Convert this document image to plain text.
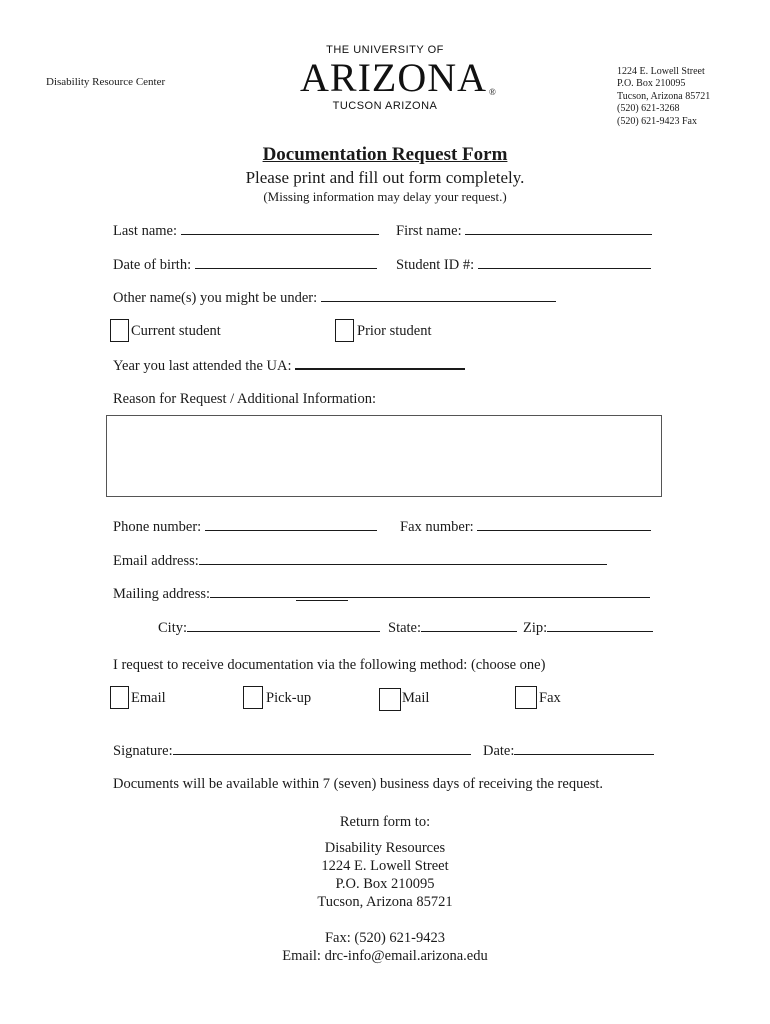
Disability Resource Center
THE UNIVERSITY OF
ARIZONA ®
TUCSON ARIZONA
1224 E. Lowell Street
P.O. Box 210095
Tucson, Arizona 85721
(520) 621-3268
(520) 621-9423 Fax
Documentation Request Form
Please print and fill out form completely.
(Missing information may delay your request.)
Last name:	First name:
Date of birth:	Student ID #:
Other name(s) you might be under:
Current student	Prior student
Year you last attended the UA:
Reason for Request / Additional Information:
Phone number:	Fax number:
Email address:
Mailing address:
City:	State:	Zip:
I request to receive documentation via the following method: (choose one)
Email	Pick-up	Mail	Fax
Signature:	Date:
Documents will be available within 7 (seven) business days of receiving the request.
Return form to:
Disability Resources
1224 E. Lowell Street
P.O. Box 210095
Tucson, Arizona 85721
Fax: (520) 621-9423
Email: drc-info@email.arizona.edu
